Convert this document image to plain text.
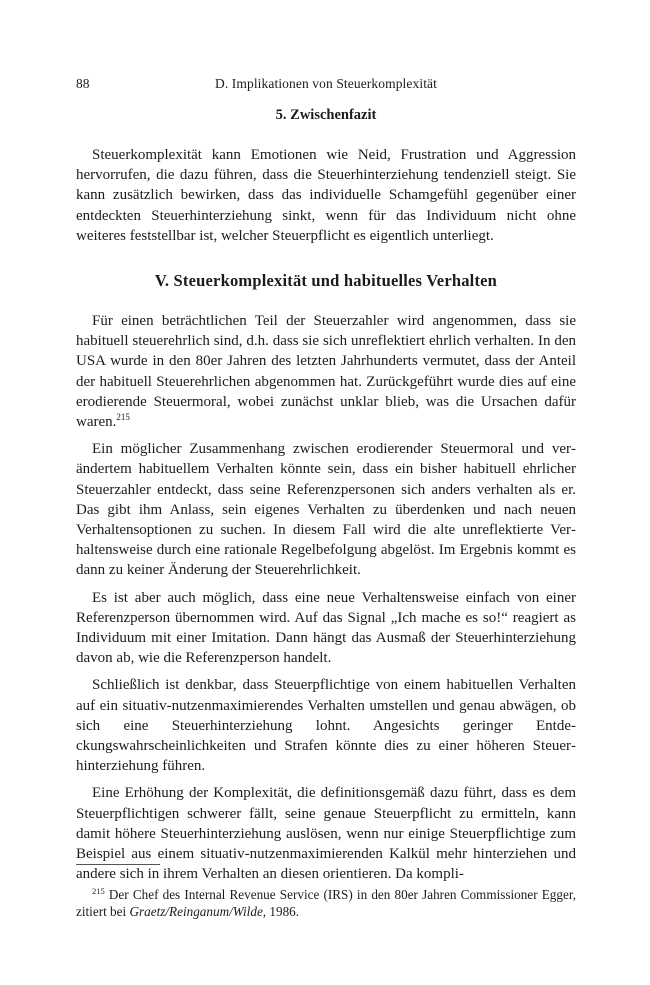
88	D. Implikationen von Steuerkomplexität
5. Zwischenfazit

Steuerkomplexität kann Emotionen wie Neid, Frustration und Aggression hervorrufen, die dazu führen, dass die Steuerhinterziehung tendenziell steigt. Sie kann zusätzlich bewirken, dass das individuelle Schamgefühl gegenüber einer entdeckten Steuerhinterziehung sinkt, wenn für das Individuum nicht ohne weiteres feststellbar ist, welcher Steuerpflicht es eigentlich unterliegt.

V. Steuerkomplexität und habituelles Verhalten

Für einen beträchtlichen Teil der Steuerzahler wird angenommen, dass sie habituell steuerehrlich sind, d.h. dass sie sich unreflektiert ehrlich verhalten. In den USA wurde in den 80er Jahren des letzten Jahrhunderts vermutet, dass der Anteil der habituell Steuerehrlichen abgenommen hat. Zurückgeführt wurde dies auf eine erodierende Steuermoral, wobei zunächst unklar blieb, was die Ursachen dafür waren.$^{215}$

Ein möglicher Zusammenhang zwischen erodierender Steuermoral und verändertem habituellem Verhalten könnte sein, dass ein bisher habituell ehrlicher Steuerzahler entdeckt, dass seine Referenzpersonen sich anders verhalten als er. Das gibt ihm Anlass, sein eigenes Verhalten zu überdenken und nach neuen Verhaltensoptionen zu suchen. In diesem Fall wird die alte unreflektierte Verhaltensweise durch eine rationale Regelbefolgung abgelöst. Im Ergebnis kommt es dann zu keiner Änderung der Steuerehrlichkeit.

Es ist aber auch möglich, dass eine neue Verhaltensweise einfach von einer Referenzperson übernommen wird. Auf das Signal „Ich mache es so!“ reagiert as Individuum mit einer Imitation. Dann hängt das Ausmaß der Steuerhinterziehung davon ab, wie die Referenzperson handelt.

Schließlich ist denkbar, dass Steuerpflichtige von einem habituellen Verhalten auf ein situativ-nutzenmaximierendes Verhalten umstellen und genau abwägen, ob sich eine Steuerhinterziehung lohnt. Angesichts geringer Entdeckungswahrscheinlichkeiten und Strafen könnte dies zu einer höheren Steuerhinterziehung führen.

Eine Erhöhung der Komplexität, die definitionsgemäß dazu führt, dass es dem Steuerpflichtigen schwerer fällt, seine genaue Steuerpflicht zu ermitteln, kann damit höhere Steuerhinterziehung auslösen, wenn nur einige Steuerpflichtige zum Beispiel aus einem situativ-nutzenmaximierenden Kalkül mehr hinterziehen und andere sich in ihrem Verhalten an diesen orientieren. Da kompli-

$^{215}$ Der Chef des Internal Revenue Service (IRS) in den 80er Jahren Commissioner Egger, zitiert bei Graetz/Reinganum/Wilde, 1986.
